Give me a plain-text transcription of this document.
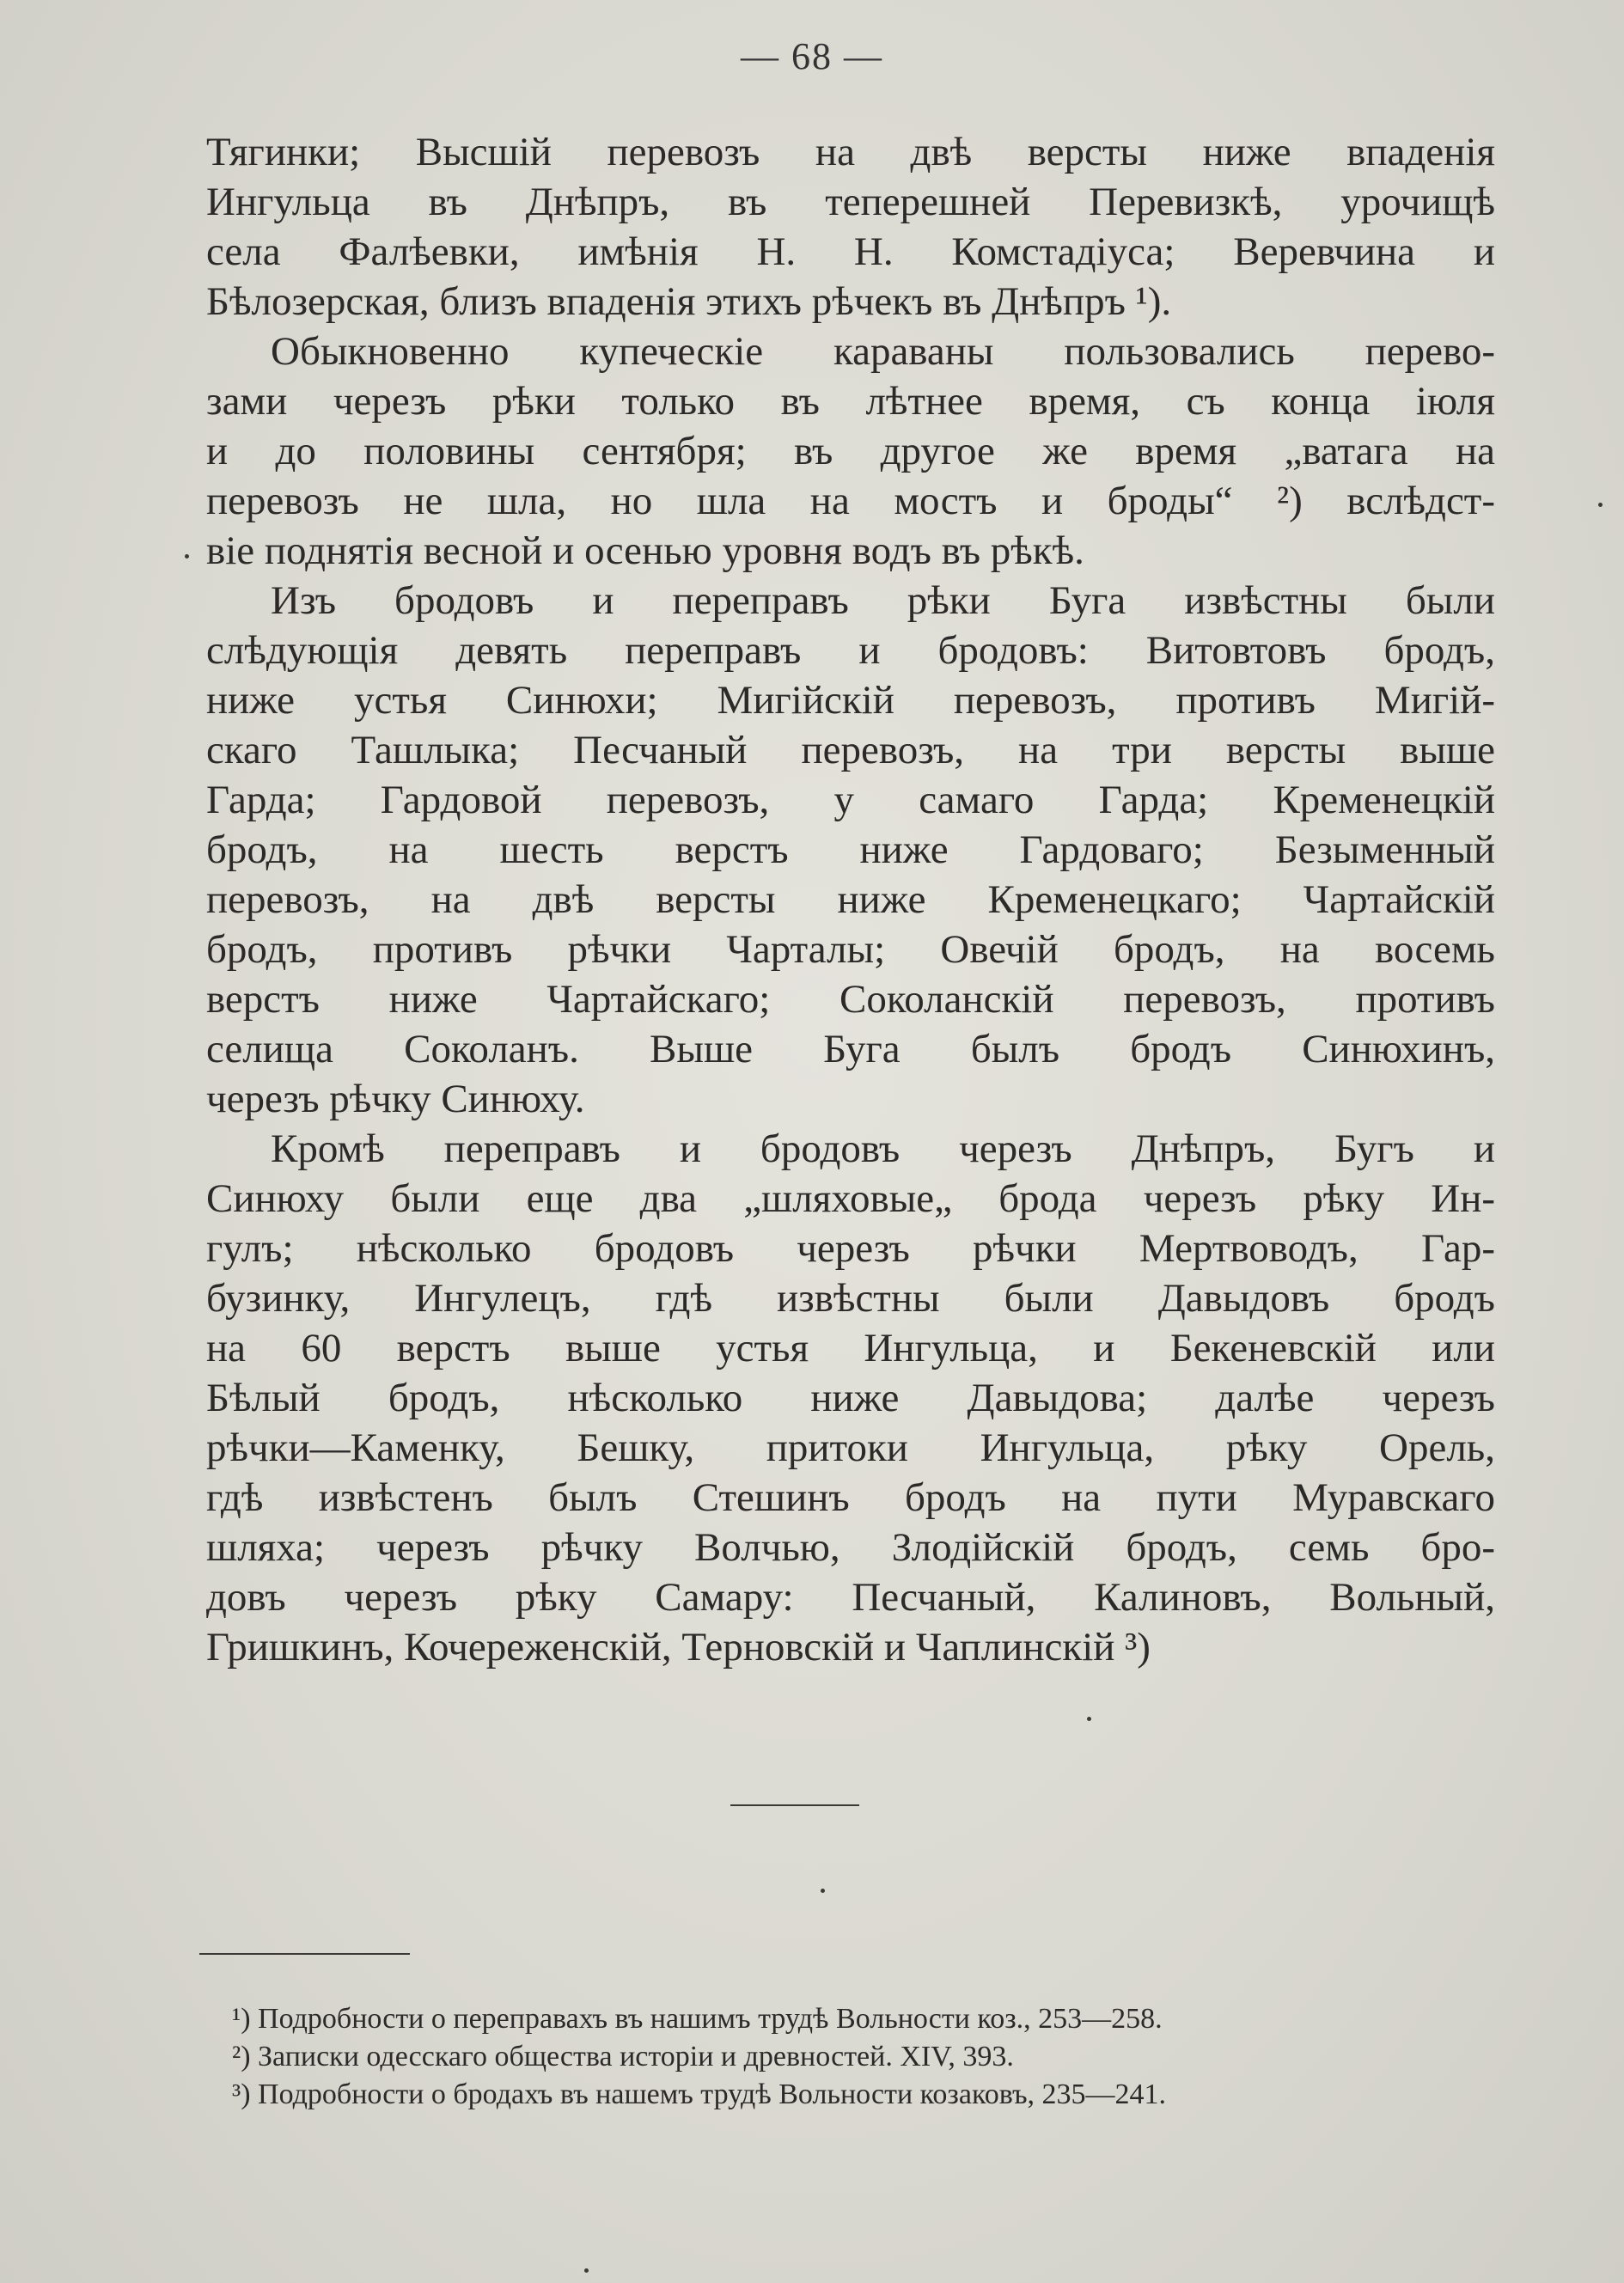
— 68 —
Тягинки; Высшій перевозъ на двѣ версты ниже впаденія
Ингульца въ Днѣпръ, въ теперешней Перевизкѣ, урочищѣ
села Фалѣевки, имѣнія Н. Н. Комстадіуса; Веревчина и
Бѣлозерская, близъ впаденія этихъ рѣчекъ въ Днѣпръ ¹).
Обыкновенно купеческіе караваны пользовались перево-
зами черезъ рѣки только въ лѣтнее время, съ конца іюля
и до половины сентября; въ другое же время „ватага на
перевозъ не шла, но шла на мостъ и броды“ ²) вслѣдст-
віе поднятія весной и осенью уровня водъ въ рѣкѣ.
Изъ бродовъ и переправъ рѣки Буга извѣстны были
слѣдующія девять переправъ и бродовъ: Витовтовъ бродъ,
ниже устья Синюхи; Мигійскій перевозъ, противъ Мигій-
скаго Ташлыка; Песчаный перевозъ, на три версты выше
Гарда; Гардовой перевозъ, у самаго Гарда; Кременецкій
бродъ, на шесть верстъ ниже Гардоваго; Безыменный
перевозъ, на двѣ версты ниже Кременецкаго; Чартайскій
бродъ, противъ рѣчки Чарталы; Овечій бродъ, на восемь
верстъ ниже Чартайскаго; Соколанскій перевозъ, противъ
селища Соколанъ. Выше Буга былъ бродъ Синюхинъ,
черезъ рѣчку Синюху.
Кромѣ переправъ и бродовъ черезъ Днѣпръ, Бугъ и
Синюху были еще два „шляховые„ брода черезъ рѣку Ин-
гулъ; нѣсколько бродовъ черезъ рѣчки Мертвоводъ, Гар-
бузинку, Ингулецъ, гдѣ извѣстны были Давыдовъ бродъ
на 60 верстъ выше устья Ингульца, и Бекеневскій или
Бѣлый бродъ, нѣсколько ниже Давыдова; далѣе черезъ
рѣчки—Каменку, Бешку, притоки Ингульца, рѣку Орель,
гдѣ извѣстенъ былъ Стешинъ бродъ на пути Муравскаго
шляха; черезъ рѣчку Волчью, Злодійскій бродъ, семь бро-
довъ черезъ рѣку Самару: Песчаный, Калиновъ, Вольный,
Гришкинъ, Кочереженскій, Терновскій и Чаплинскій ³)
¹) Подробности о переправахъ въ нашимъ трудѣ Вольности коз., 253—258.
²) Записки одесскаго общества исторіи и древностей. XIV, 393.
³) Подробности о бродахъ въ нашемъ трудѣ Вольности козаковъ, 235—241.
